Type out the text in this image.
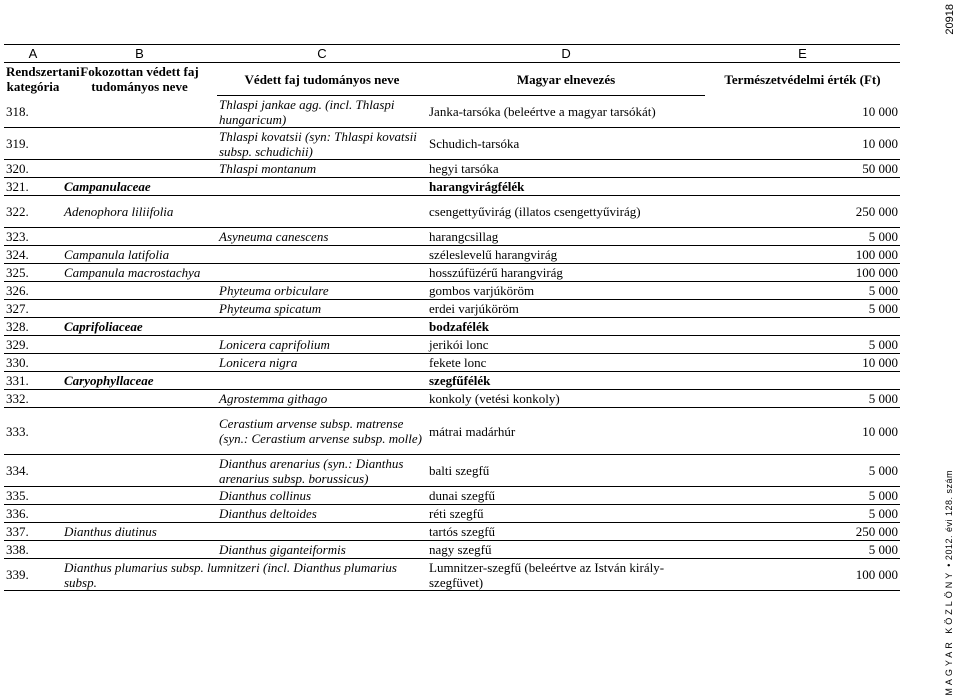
20918
MAGYAR KÖZLÖNY • 2012. évi 128. szám
A	B	C	D	E
Rendszertani kategória	Fokozottan védett faj tudományos neve	Védett faj tudományos neve	Magyar elnevezés	Természetvédelmi érték (Ft)
318.		Thlaspi jankae agg. (incl. Thlaspi hungaricum)	Janka-tarsóka (beleértve a magyar tarsókát)	10 000
319.		Thlaspi kovatsii (syn: Thlaspi kovatsii subsp. schudichii)	Schudich-tarsóka	10 000
320.		Thlaspi montanum	hegyi tarsóka	50 000
321.	Campanulaceae		harangvirágfélék	
322.	Adenophora liliifolia		csengettyűvirág (illatos csengettyűvirág)	250 000
323.		Asyneuma canescens	harangcsillag	5 000
324.	Campanula latifolia		széleslevelű harangvirág	100 000
325.	Campanula macrostachya		hosszúfüzérű harangvirág	100 000
326.		Phyteuma orbiculare	gombos varjúköröm	5 000
327.		Phyteuma spicatum	erdei varjúköröm	5 000
328.	Caprifoliaceae		bodzafélék	
329.		Lonicera caprifolium	jerikói lonc	5 000
330.		Lonicera nigra	fekete lonc	10 000
331.	Caryophyllaceae		szegfűfélék	
332.		Agrostemma githago	konkoly (vetési konkoly)	5 000
333.		Cerastium arvense subsp. matrense (syn.: Cerastium arvense subsp. molle)	mátrai madárhúr	10 000
334.		Dianthus arenarius (syn.: Dianthus arenarius subsp. borussicus)	balti szegfű	5 000
335.		Dianthus collinus	dunai szegfű	5 000
336.		Dianthus deltoides	réti szegfű	5 000
337.	Dianthus diutinus		tartós szegfű	250 000
338.		Dianthus giganteiformis	nagy szegfű	5 000
339.	Dianthus plumarius subsp. lumnitzeri (incl. Dianthus plumarius subsp.		Lumnitzer-szegfű (beleértve az István király-szegfüvet)	100 000
